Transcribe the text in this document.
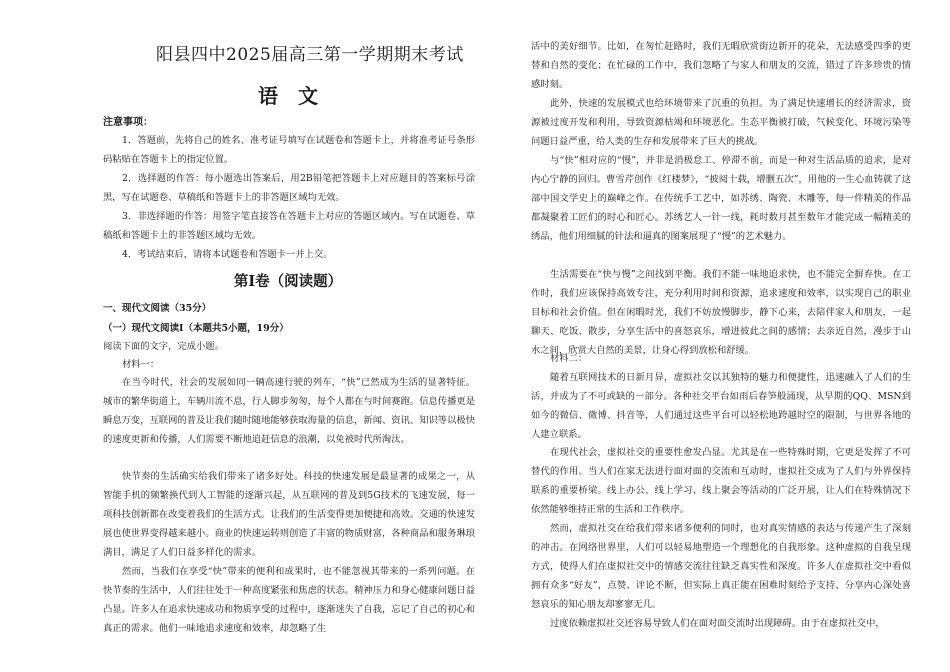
阳县四中2025届高三第一学期期末考试
语文
注意事项：
1．答题前，先将自己的姓名、准考证号填写在试题卷和答题卡上，并将准考证号条形码粘贴在答题卡上的指定位置。
2．选择题的作答：每小题选出答案后，用2B铅笔把答题卡上对应题目的答案标号涂黑，写在试题卷、草稿纸和答题卡上的非答题区域均无效。
3．非选择题的作答：用签字笔直接答在答题卡上对应的答题区域内。写在试题卷、草稿纸和答题卡上的非答题区域均无效。
4．考试结束后，请将本试题卷和答题卡一并上交。
第Ⅰ卷（阅读题）
一、现代文阅读（35分）
（一）现代文阅读Ⅰ（本题共5小题，19分）
阅读下面的文字，完成小题。
材料一：
在当今时代，社会的发展如同一辆高速行驶的列车，“快”已然成为生活的显著特征。城市的繁华街道上，车辆川流不息，行人脚步匆匆，每个人都在与时间赛跑。信息传播更是瞬息万变，互联网的普及让我们随时随地能够获取海量的信息，新闻、资讯、知识等以极快的速度更新和传播，人们需要不断地追赶信息的浪潮，以免被时代所淘汰。
快节奏的生活确实给我们带来了诸多好处。科技的快速发展是最显著的成果之一，从智能手机的频繁换代到人工智能的逐渐兴起，从互联网的普及到5G技术的飞速发展，每一项科技创新都在改变着我们的生活方式。让我们的生活变得更加便捷和高效。交通的快速发展也使世界变得越来越小。商业的快速运转则创造了丰富的物质财富，各种商品和服务琳琅满目，满足了人们日益多样化的需求。
然而，当我们在享受“快”带来的便利和成果时，也不能忽视其带来的一系列问题。在快节奏的生活中，人们往往处于一种高度紧张和焦虑的状态。精神压力和身心健康问题日益凸显。许多人在追求快速成功和物质享受的过程中，逐渐迷失了自我，忘记了自己的初心和真正的需求。他们一味地追求速度和效率，却忽略了生
活中的美好细节。比如，在匆忙赶路时，我们无暇欣赏街边新开的花朵，无法感受四季的更替和自然的变化；在忙碌的工作中，我们忽略了与家人和朋友的交流，错过了许多珍贵的情感时刻。
此外，快速的发展模式也给环境带来了沉重的负担。为了满足快速增长的经济需求，资源被过度开发和利用，导致资源枯竭和环境恶化。生态平衡被打破，气候变化、环境污染等问题日益严重，给人类的生存和发展带来了巨大的挑战。
与“快”相对应的“慢”，并非是消极怠工、停滞不前，而是一种对生活品质的追求，是对内心宁静的回归。曹雪芹创作《红楼梦》，“披阅十载，增删五次”，用他的一生心血铸就了这部中国文学史上的巅峰之作。在传统手工艺中，如苏绣、陶瓷、木雕等，每一件精美的作品都凝聚着工匠们的时心和匠心。苏绣艺人一针一线，耗时数月甚至数年才能完成一幅精美的绣品，他们用细腻的针法和逼真的图案展现了“慢”的艺术魅力。
生活需要在“快与慢”之间找到平衡。我们不能一味地追求快，也不能完全摒弃快。在工作时，我们应该保持高效专注，充分利用时间和资源，追求速度和效率，以实现自己的职业目标和社会价值。但在闲暇时光，我们不妨放慢脚步，静下心来，去陪伴家人和朋友，一起聊天、吃饭、散步，分享生活中的喜怒哀乐，增进彼此之间的感情；去亲近自然，漫步于山水之间，欣赏大自然的美景，让身心得到放松和舒缓。
材料二：
随着互联网技术的日新月异，虚拟社交以其独特的魅力和便捷性，迅速融入了人们的生活，并成为了不可或缺的一部分。各种社交平台如雨后春笋般涌现，从早期的QQ、MSN到如今的微信、微博、抖音等，人们通过这些平台可以轻松地跨越时空的限制，与世界各地的人建立联系。
在现代社会，虚拟社交的重要性愈发凸显。尤其是在一些特殊时期，它更是发挥了不可替代的作用。当人们在家无法进行面对面的交流和互动时，虚拟社交成为了人们与外界保持联系的重要桥梁。线上办公、线上学习、线上聚会等活动的广泛开展，让人们在特殊情况下依然能够维持正常的生活和工作秩序。
然而，虚拟社交在给我们带来诸多便利的同时，也对真实情感的表达与传递产生了深刻的冲击。在网络世界里，人们可以轻易地塑造一个理想化的自我形象。这种虚拟的自我呈现方式，使得人们在虚拟社交中的情感交流往往缺乏真实性和深度。许多人在虚拟社交中看似拥有众多“好友”，点赞、评论不断，但实际上真正能在困难时刻给予支持、分享内心深处喜怒哀乐的知心朋友却寥寥无几。
过度依赖虚拟社交还容易导致人们在面对面交流时出现障碍。由于在虚拟社交中，
